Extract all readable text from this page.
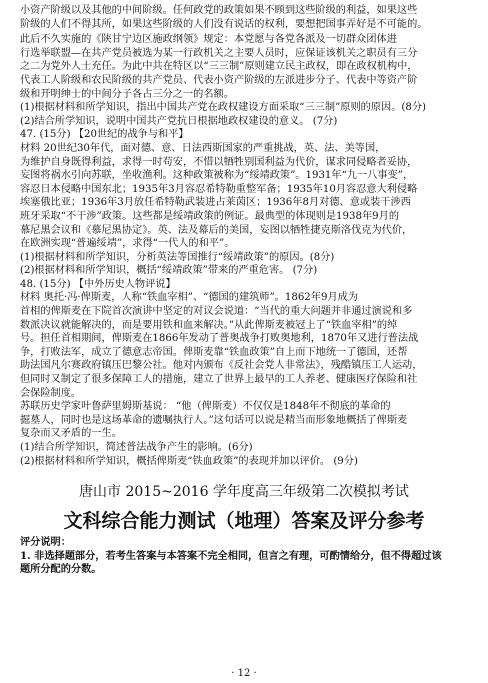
小资产阶级以及其他的中间阶级。任何政党的政策如果不顾到这些阶级的利益，如果这些

阶级的人们不得其所，如果这些阶级的人们没有说话的权利，要想把国事弄好是不可能的。

此后不久实施的《陕甘宁边区施政纲领》规定：本党愿与各党各派及一切群众团体进

行选举联盟—在共产党员被选为某一行政机关之主要人员时，应保证该机关之职员有三分

之二为党外人士充任。为此中共在特区以“三三制”原则建立民主政权，即在政权机构中，

代表工人阶级和农民阶级的共产党员、代表小资产阶级的左派进步分子、代表中等资产阶

级和开明绅士的中间分子各占三分之一的名额。

(1)根据材料和所学知识，指出中国共产党在政权建设方面采取“三三制”原则的原因。(8分)

(2)结合所学知识，说明中国共产党抗日根据地政权建设的意义。 (7分)

47. (15分) 【20世纪的战争与和平】

材料 20世纪30年代，面对德、意、日法西斯国家的严重挑战，英、法、美等国，

为维护自身既得利益，求得一时苟安，不惜以牺牲别国利益为代价，谋求同侵略者妥协，

妄图将祸水引向苏联，坐收渔利。这种政策被称为“绥靖政策”。1931年“九一八事变”，

容忍日本侵略中国东北；1935年3月容忍希特勒重整军备；1935年10月容忍意大利侵略

埃塞俄比亚；1936年3月放任希特勒武装进占莱茵区；1936年8月对德、意或装干涉西

班牙采取“不干涉”政策。这些都是绥靖政策的例证。最典型的体现则是1938年9月的

慕尼黑会议和《慕尼黑协定》。英、法及幕后的美国，妄图以牺牲捷克斯洛伐克为代价，

在欧洲实现“普遍绥靖”，求得“一代人的和平”。

(1)根据材料和所学知识，分析英法等国推行“绥靖政策”的原因。(8分)

(2)根据材料和所学知识，概括“绥靖政策”带来的严重危害。 (7分)

48. (15分) 【中外历史人物评说】

材料 奥托·冯·俾斯麦，人称“铁血宰相”、“德国的建筑师”。1862年9月成为

首相的俾斯麦在下院首次演讲中坚定的对议会说道：“当代的重大问题并非通过演说和多

数派决议就能解决的，而是要用铁和血来解决。”从此俾斯麦被冠上了“铁血宰相”的绰

号。担任首相期间，俾斯麦在1866年发动了普奥战争打败奥地利，1870年又进行普法战

争，打败法军，成立了德意志帝国。俾斯麦靠“铁血政策”自上而下地统一了德国，还帮

助法国凡尔赛政府镇压巴黎公社。他对内颁布《反社会党人非常法》，残酷镇压工人运动，

但同时又制定了很多保障工人的措施，建立了世界上最早的工人养老、健康医疗保险和社

会保险制度。

苏联历史学家叶鲁萨里姆斯基说： “他（俾斯麦）不仅仅是1848年不彻底的革命的

掘墓人，同时也是这场革命的遗嘱执行人。”这句话可以说是精当而形象地概括了俾斯麦

复杂而又矛盾的一生。

(1)结合所学知识，简述普法战争产生的影响。(6分)

(2)根据材料和所学知识，概括俾斯麦“铁血政策”的表现并加以评价。 (9分)

唐山市 2015~2016 学年度高三年级第二次模拟考试
文科综合能力测试（地理）答案及评分参考

评分说明：

1. 非选择题部分，若考生答案与本答案不完全相同，但言之有理，可酌情给分，但不得超过该

题所分配的分数。

· 12 ·
